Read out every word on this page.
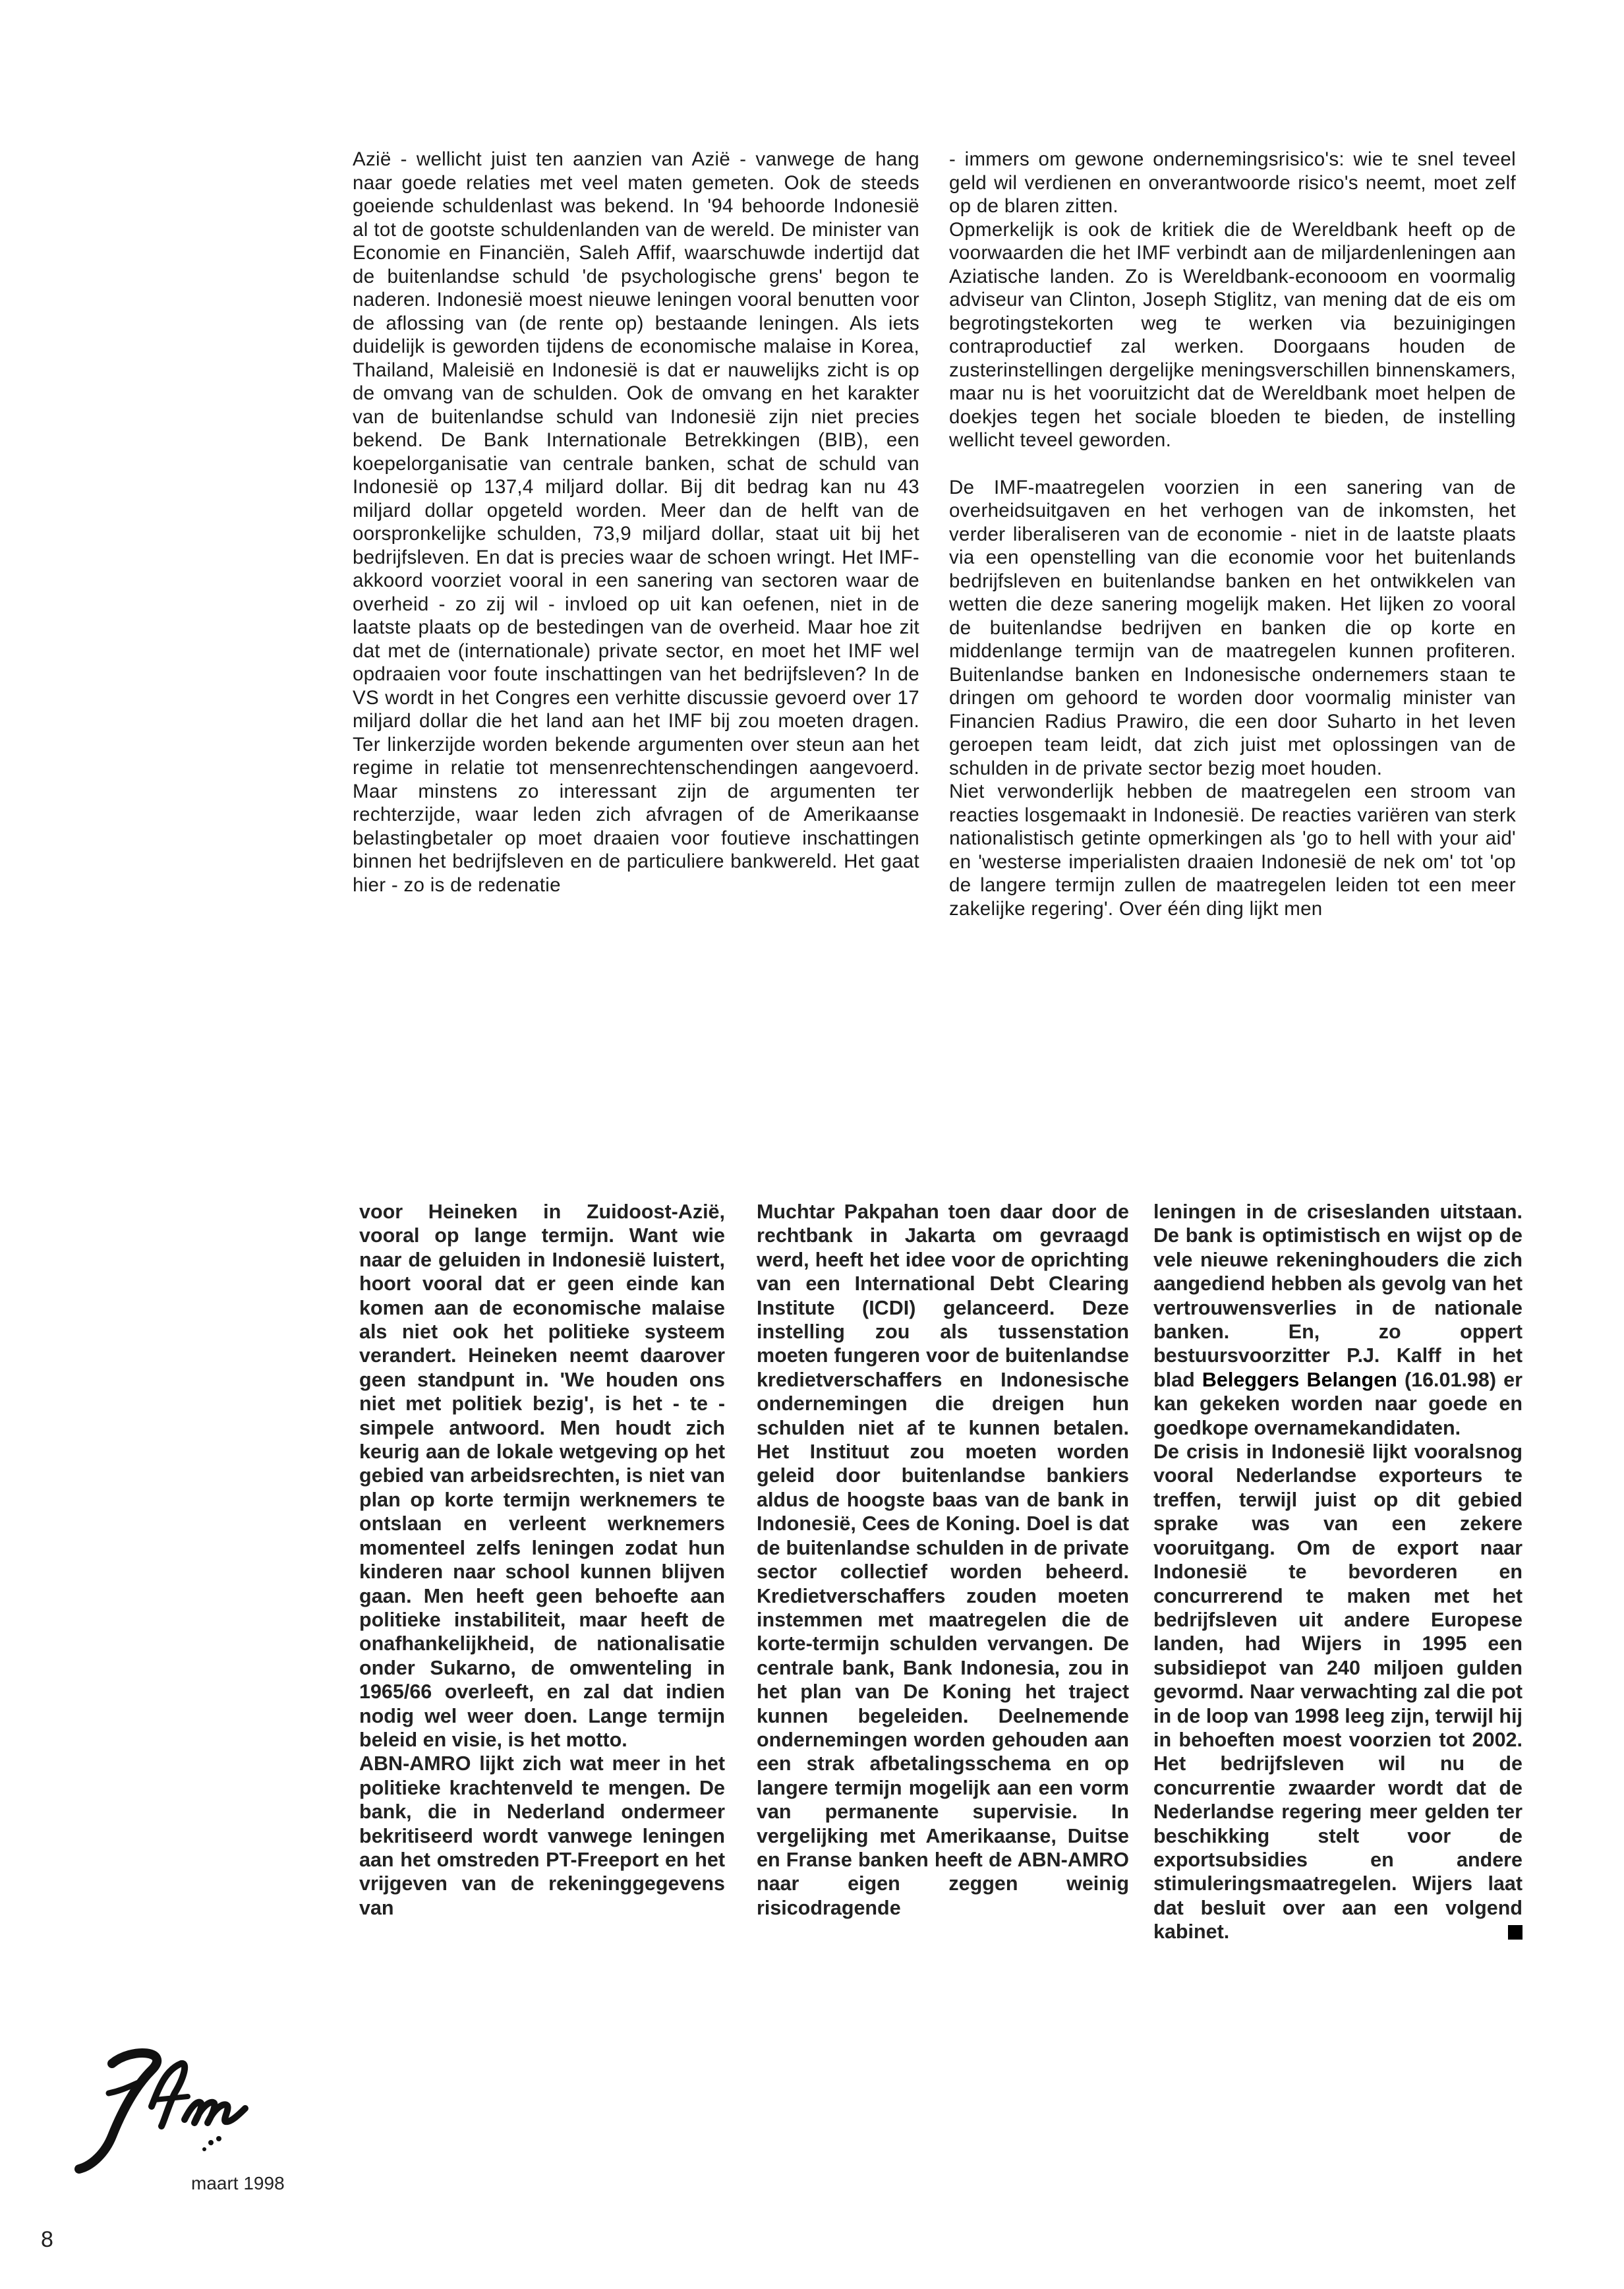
Azië - wellicht juist ten aanzien van Azië - vanwege de hang naar goede relaties met veel maten gemeten. Ook de steeds goeiende schuldenlast was bekend. In '94 behoorde Indonesië al tot de gootste schuldenlanden van de wereld. De minister van Economie en Financiën, Saleh Affif, waarschuwde indertijd dat de buitenlandse schuld 'de psychologische grens' begon te naderen. Indonesië moest nieuwe leningen vooral benutten voor de aflossing van (de rente op) bestaande leningen. Als iets duidelijk is geworden tijdens de economische malaise in Korea, Thailand, Maleisië en Indonesië is dat er nauwelijks zicht is op de omvang van de schulden. Ook de omvang en het karakter van de buitenlandse schuld van Indonesië zijn niet precies bekend. De Bank Internationale Betrekkingen (BIB), een koepelorganisatie van centrale banken, schat de schuld van Indonesië op 137,4 miljard dollar. Bij dit bedrag kan nu 43 miljard dollar opgeteld worden. Meer dan de helft van de oorspronkelijke schulden, 73,9 miljard dollar, staat uit bij het bedrijfsleven. En dat is precies waar de schoen wringt. Het IMF-akkoord voorziet vooral in een sanering van sectoren waar de overheid - zo zij wil - invloed op uit kan oefenen, niet in de laatste plaats op de bestedingen van de overheid. Maar hoe zit dat met de (internationale) private sector, en moet het IMF wel opdraaien voor foute inschattingen van het bedrijfsleven? In de VS wordt in het Congres een verhitte discussie gevoerd over 17 miljard dollar die het land aan het IMF bij zou moeten dragen. Ter linkerzijde worden bekende argumenten over steun aan het regime in relatie tot mensenrechtenschendingen aangevoerd. Maar minstens zo interessant zijn de argumenten ter rechterzijde, waar leden zich afvragen of de Amerikaanse belastingbetaler op moet draaien voor foutieve inschattingen binnen het bedrijfsleven en de particuliere bankwereld. Het gaat hier - zo is de redenatie

- immers om gewone ondernemingsrisico's: wie te snel teveel geld wil verdienen en onverantwoorde risico's neemt, moet zelf op de blaren zitten.

Opmerkelijk is ook de kritiek die de Wereldbank heeft op de voorwaarden die het IMF verbindt aan de miljardenleningen aan Aziatische landen. Zo is Wereldbank-econooom en voormalig adviseur van Clinton, Joseph Stiglitz, van mening dat de eis om begrotingstekorten weg te werken via bezuinigingen contraproductief zal werken. Doorgaans houden de zusterinstellingen dergelijke meningsverschillen binnenskamers, maar nu is het vooruitzicht dat de Wereldbank moet helpen de doekjes tegen het sociale bloeden te bieden, de instelling wellicht teveel geworden.

De IMF-maatregelen voorzien in een sanering van de overheidsuitgaven en het verhogen van de inkomsten, het verder liberaliseren van de economie - niet in de laatste plaats via een openstelling van die economie voor het buitenlands bedrijfsleven en buitenlandse banken en het ontwikkelen van wetten die deze sanering mogelijk maken. Het lijken zo vooral de buitenlandse bedrijven en banken die op korte en middenlange termijn van de maatregelen kunnen profiteren. Buitenlandse banken en Indonesische ondernemers staan te dringen om gehoord te worden door voormalig minister van Financien Radius Prawiro, die een door Suharto in het leven geroepen team leidt, dat zich juist met oplossingen van de schulden in de private sector bezig moet houden.

Niet verwonderlijk hebben de maatregelen een stroom van reacties losgemaakt in Indonesië. De reacties variëren van sterk nationalistisch getinte opmerkingen als 'go to hell with your aid' en 'westerse imperialisten draaien Indonesië de nek om' tot 'op de langere termijn zullen de maatregelen leiden tot een meer zakelijke regering'. Over één ding lijkt men

voor Heineken in Zuidoost-Azië, vooral op lange termijn. Want wie naar de geluiden in Indonesië luistert, hoort vooral dat er geen einde kan komen aan de economische malaise als niet ook het politieke systeem verandert. Heineken neemt daarover geen standpunt in. 'We houden ons niet met politiek bezig', is het - te - simpele antwoord. Men houdt zich keurig aan de lokale wetgeving op het gebied van arbeidsrechten, is niet van plan op korte termijn werknemers te ontslaan en verleent werknemers momenteel zelfs leningen zodat hun kinderen naar school kunnen blijven gaan. Men heeft geen behoefte aan politieke instabiliteit, maar heeft de onafhankelijkheid, de nationalisatie onder Sukarno, de omwenteling in 1965/66 overleeft, en zal dat indien nodig wel weer doen. Lange termijn beleid en visie, is het motto.

ABN-AMRO lijkt zich wat meer in het politieke krachtenveld te mengen. De bank, die in Nederland ondermeer bekritiseerd wordt vanwege leningen aan het omstreden PT-Freeport en het vrijgeven van de rekeninggegevens van

Muchtar Pakpahan toen daar door de rechtbank in Jakarta om gevraagd werd, heeft het idee voor de oprichting van een International Debt Clearing Institute (ICDI) gelanceerd. Deze instelling zou als tussenstation moeten fungeren voor de buitenlandse kredietverschaffers en Indonesische ondernemingen die dreigen hun schulden niet af te kunnen betalen. Het Instituut zou moeten worden geleid door buitenlandse bankiers aldus de hoogste baas van de bank in Indonesië, Cees de Koning. Doel is dat de buitenlandse schulden in de private sector collectief worden beheerd. Kredietverschaffers zouden moeten instemmen met maatregelen die de korte-termijn schulden vervangen. De centrale bank, Bank Indonesia, zou in het plan van De Koning het traject kunnen begeleiden. Deelnemende ondernemingen worden gehouden aan een strak afbetalingsschema en op langere termijn mogelijk aan een vorm van permanente supervisie. In vergelijking met Amerikaanse, Duitse en Franse banken heeft de ABN-AMRO naar eigen zeggen weinig risicodragende

leningen in de criseslanden uitstaan. De bank is optimistisch en wijst op de vele nieuwe rekeninghouders die zich aangediend hebben als gevolg van het vertrouwensverlies in de nationale banken. En, zo oppert bestuursvoorzitter P.J. Kalff in het blad Beleggers Belangen (16.01.98) er kan gekeken worden naar goede en goedkope overnamekandidaten.

De crisis in Indonesië lijkt vooralsnog vooral Nederlandse exporteurs te treffen, terwijl juist op dit gebied sprake was van een zekere vooruitgang. Om de export naar Indonesië te bevorderen en concurrerend te maken met het bedrijfsleven uit andere Europese landen, had Wijers in 1995 een subsidiepot van 240 miljoen gulden gevormd. Naar verwachting zal die pot in de loop van 1998 leeg zijn, terwijl hij in behoeften moest voorzien tot 2002. Het bedrijfsleven wil nu de concurrentie zwaarder wordt dat de Nederlandse regering meer gelden ter beschikking stelt voor de exportsubsidies en andere stimuleringsmaatregelen. Wijers laat dat besluit over aan een volgend kabinet.

maart 1998
8
